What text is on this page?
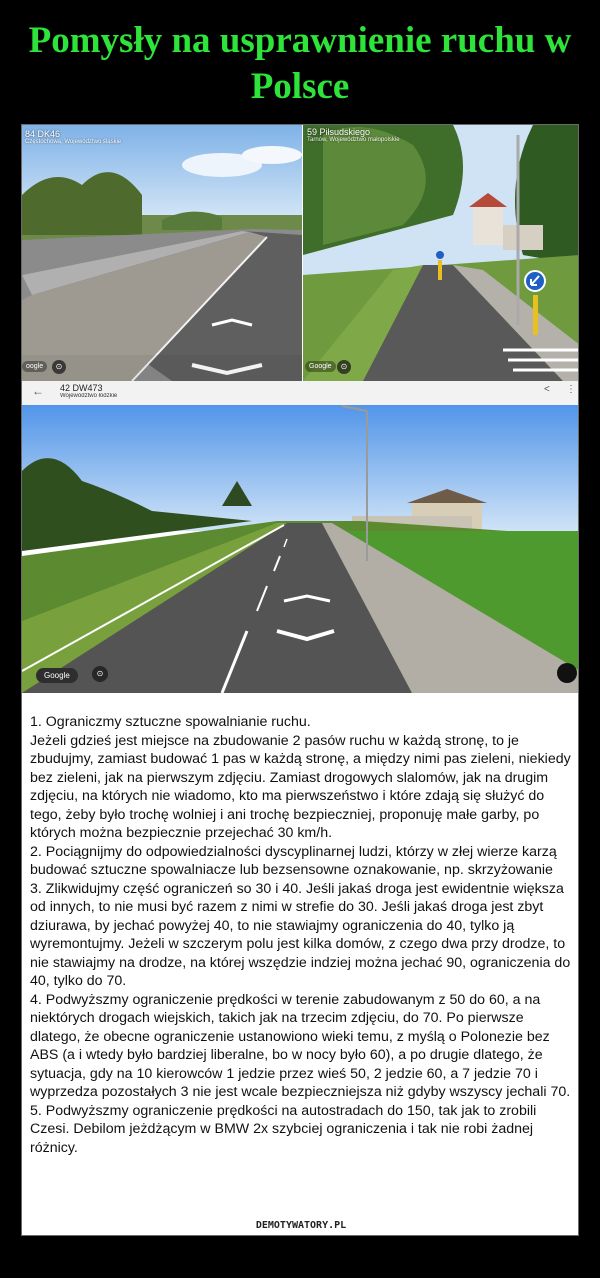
Pomysły na usprawnienie ruchu w Polsce
84 DK46
Częstochowa, Województwo śląskie
oogle	⊙
59 Piłsudskiego
Tarnów, Województwo małopolskie
Google	⊙
42 DW473
Województwo łódzkie
←	< ⋮
Google	⊙

1. Ograniczmy sztuczne spowalnianie ruchu.

Jeżeli gdzieś jest miejsce na zbudowanie 2 pasów ruchu w każdą stronę, to je zbudujmy, zamiast budować 1 pas w każdą stronę, a między nimi pas zieleni, niekiedy bez zieleni, jak na pierwszym zdjęciu. Zamiast drogowych slalomów, jak na drugim zdjęciu, na których nie wiadomo, kto ma pierwszeństwo i które zdają się służyć do tego, żeby było trochę wolniej i ani trochę bezpieczniej, proponuję małe garby, po których można bezpiecznie przejechać 30 km/h.

2. Pociągnijmy do odpowiedzialności dyscyplinarnej ludzi, którzy w złej wierze karzą budować sztuczne spowalniacze lub bezsensowne oznakowanie, np. skrzyżowanie

3. Zlikwidujmy część ograniczeń so 30 i 40. Jeśli jakaś droga jest ewidentnie większa od innych, to nie musi być razem z nimi w strefie do 30. Jeśli jakaś droga jest zbyt dziurawa, by jechać powyżej 40, to nie stawiajmy ograniczenia do 40, tylko ją wyremontujmy. Jeżeli w szczerym polu jest kilka domów, z czego dwa przy drodze, to nie stawiajmy na drodze, na której wszędzie indziej można jechać 90, ograniczenia do 40, tylko do 70.

4. Podwyższmy ograniczenie prędkości w terenie zabudowanym z 50 do 60, a na niektórych drogach wiejskich, takich jak na trzecim zdjęciu, do 70. Po pierwsze dlatego, że obecne ograniczenie ustanowiono wieki temu, z myślą o Polonezie bez ABS (a i wtedy było bardziej liberalne, bo w nocy było 60), a po drugie dlatego, że sytuacja, gdy na 10 kierowców 1 jedzie przez wieś 50, 2 jedzie 60, a 7 jedzie 70 i wyprzedza pozostałych 3 nie jest wcale bezpieczniejsza niż gdyby wszyscy jechali 70.

5. Podwyższmy ograniczenie prędkości na autostradach do 150, tak jak to zrobili Czesi. Debilom jeżdżącym w BMW 2x szybciej ograniczenia i tak nie robi żadnej różnicy.

DEMOTYWATORY.PL
